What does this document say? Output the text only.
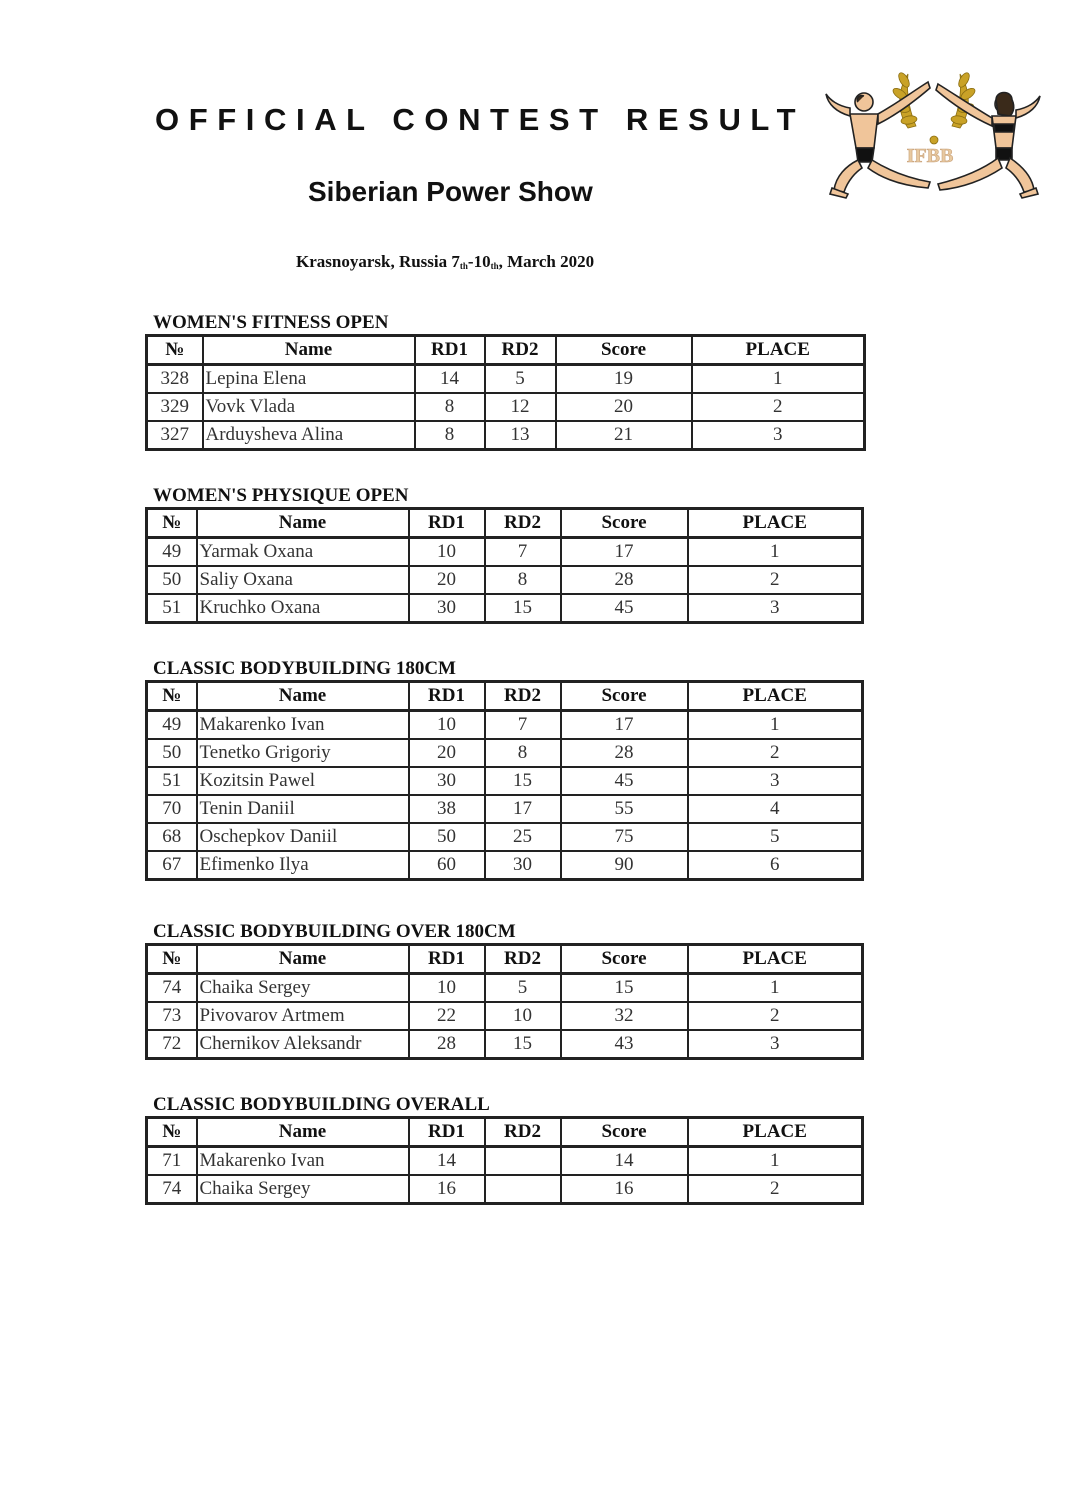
OFFICIAL CONTEST RESULT
Siberian Power Show
Krasnoyarsk, Russia 7th-10th, March 2020
IFBB
WOMEN'S FITNESS OPEN
№	Name	RD1	RD2	Score	PLACE
328	Lepina Elena	14	5	19	1
329	Vovk Vlada	8	12	20	2
327	Arduysheva Alina	8	13	21	3
WOMEN'S PHYSIQUE OPEN
№	Name	RD1	RD2	Score	PLACE
49	Yarmak Oxana	10	7	17	1
50	Saliy Oxana	20	8	28	2
51	Kruchko Oxana	30	15	45	3
CLASSIC BODYBUILDING 180CM
№	Name	RD1	RD2	Score	PLACE
49	Makarenko Ivan	10	7	17	1
50	Tenetko Grigoriy	20	8	28	2
51	Kozitsin Pawel	30	15	45	3
70	Tenin Daniil	38	17	55	4
68	Oschepkov Daniil	50	25	75	5
67	Efimenko Ilya	60	30	90	6
CLASSIC BODYBUILDING OVER 180CM
№	Name	RD1	RD2	Score	PLACE
74	Chaika Sergey	10	5	15	1
73	Pivovarov Artmem	22	10	32	2
72	Chernikov Aleksandr	28	15	43	3
CLASSIC BODYBUILDING OVERALL
№	Name	RD1	RD2	Score	PLACE
71	Makarenko Ivan	14		14	1
74	Chaika Sergey	16		16	2
